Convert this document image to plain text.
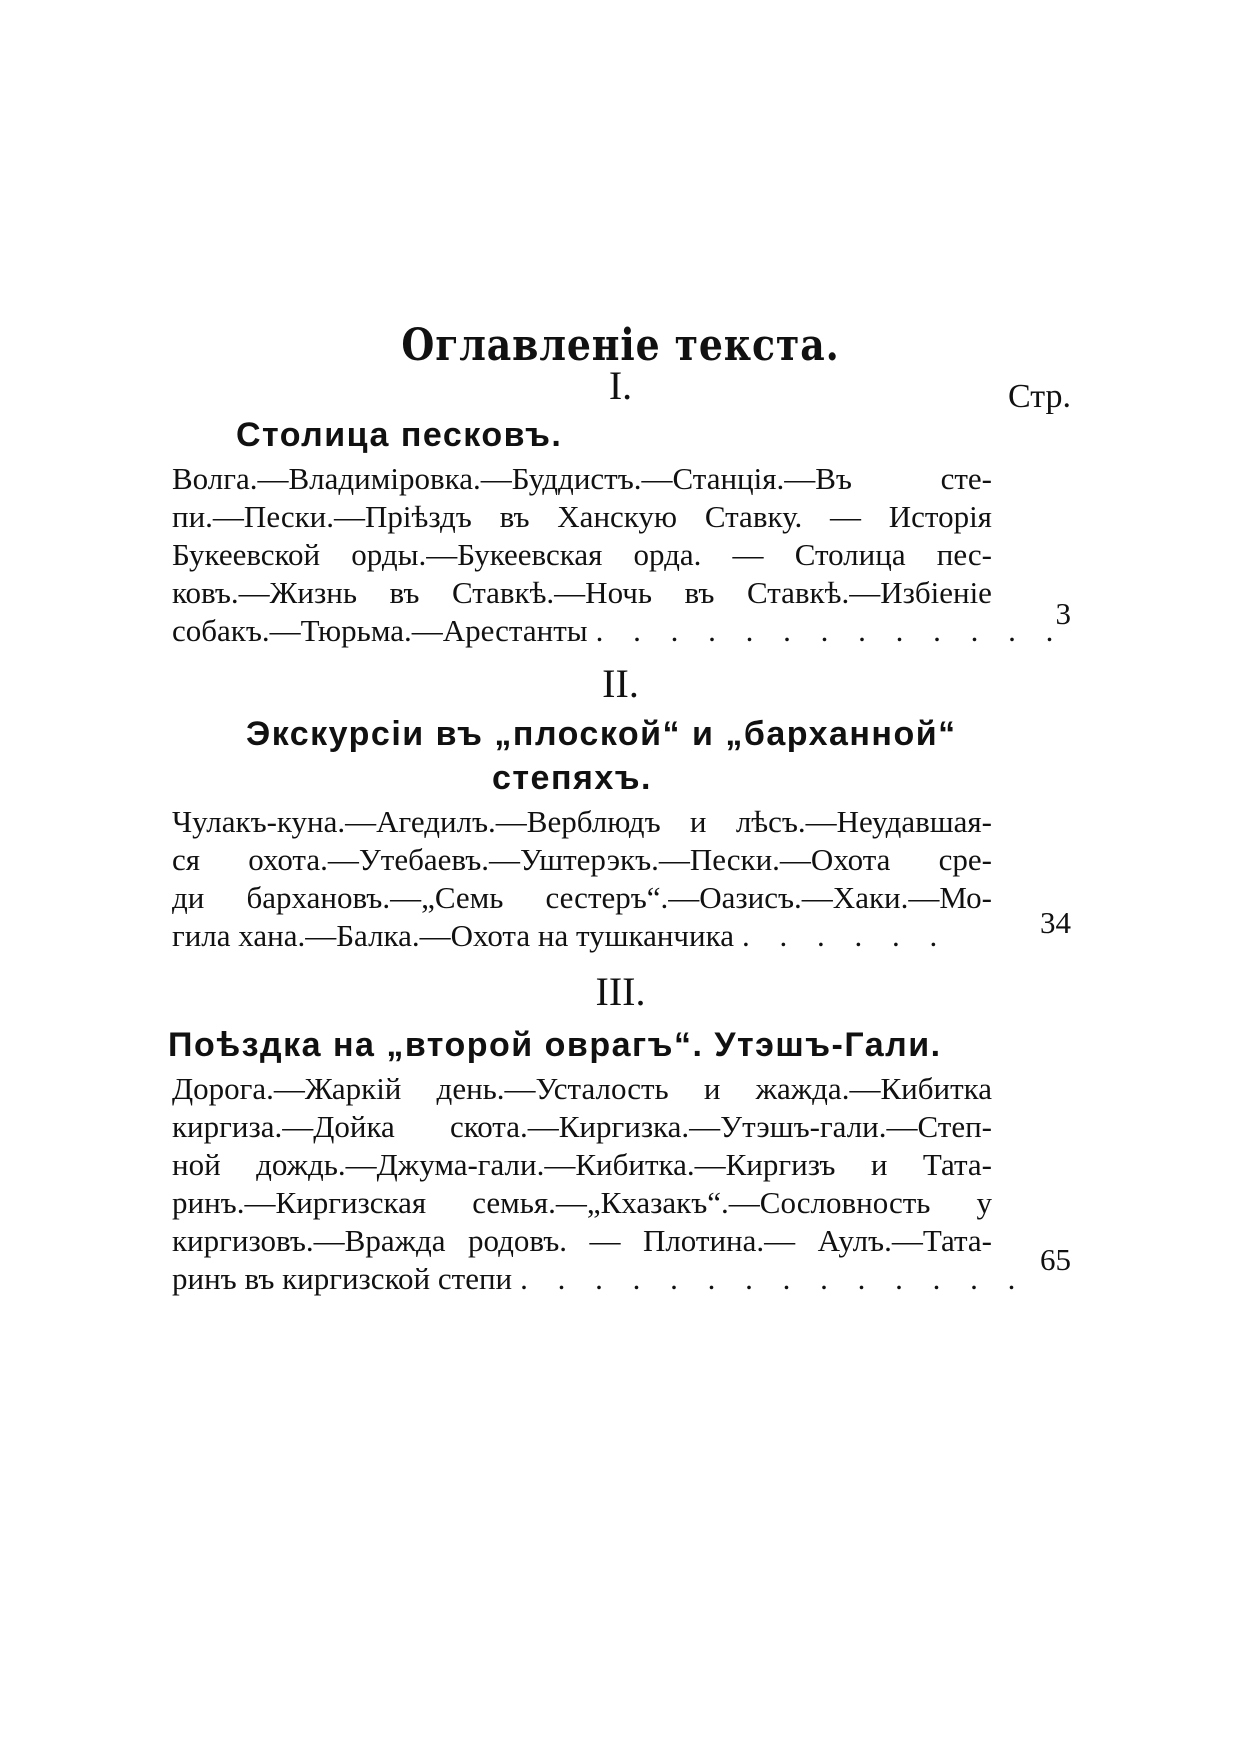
Оглавленіе текста.
Стр.
I.
Столица песковъ.
Волга.—Владиміровка.—Буддистъ.—Станція.—Въ	сте-
пи.—Пески.—Пріѣздъ въ Ханскую Ставку. — Исторія
Букеевской орды.—Букеевская орда. — Столица пес-
ковъ.—Жизнь въ Ставкѣ.—Ночь въ Ставкѣ.—Избіеніе
собакъ.—Тюрьма.—Арестанты . . . . . . . . . . . . .
3
II.
Экскурсіи въ „плоской“ и „барханной“
степяхъ.
Чулакъ-куна.—Агедилъ.—Верблюдъ и лѣсъ.—Неудавшая-
ся охота.—Утебаевъ.—Уштерэкъ.—Пески.—Охота сре-
ди бархановъ.—„Семь сестеръ“.—Оазисъ.—Хаки.—Мо-
гила хана.—Балка.—Охота на тушканчика . . . . . .	34
III.
Поѣздка на „второй оврагъ“. Утэшъ-Гали.
Дорога.—Жаркій день.—Усталость и жажда.—Кибитка
киргиза.—Дойка скота.—Киргизка.—Утэшъ-гали.—Степ-
ной дождь.—Джума-гали.—Кибитка.—Киргизъ и Тата-
ринъ.—Киргизская семья.—„Кхазакъ“.—Сословность у
киргизовъ.—Вражда родовъ. — Плотина.— Аулъ.—Тата-
ринъ въ киргизской степи . . . . . . . . . . . . . .
65
